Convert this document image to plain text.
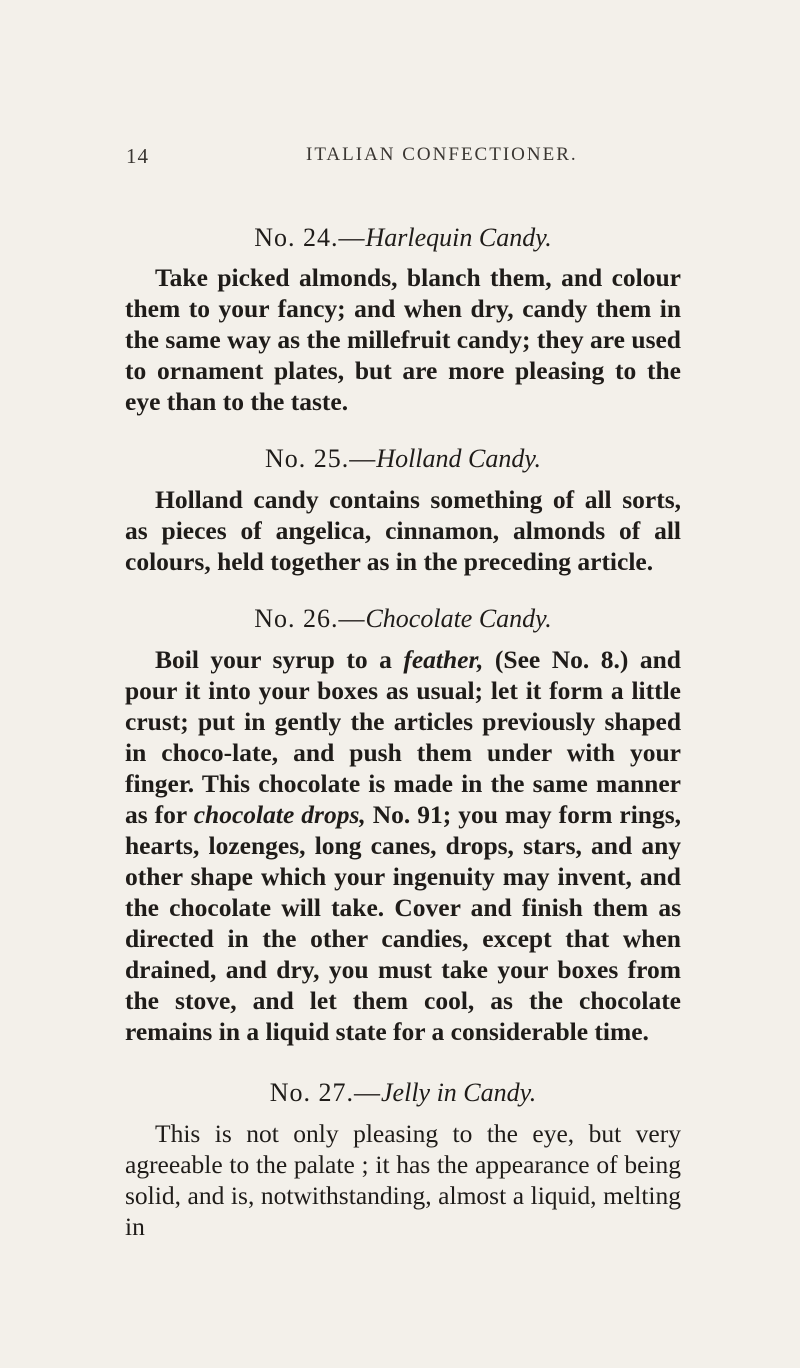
14	ITALIAN CONFECTIONER.
No. 24.—Harlequin Candy.

Take picked almonds, blanch them, and colour them to your fancy; and when dry, candy them in the same way as the millefruit candy; they are used to ornament plates, but are more pleasing to the eye than to the taste.

No. 25.—Holland Candy.

Holland candy contains something of all sorts, as pieces of angelica, cinnamon, almonds of all colours, held together as in the preceding article.

No. 26.—Chocolate Candy.

Boil your syrup to a feather, (See No. 8.) and pour it into your boxes as usual; let it form a little crust; put in gently the articles previously shaped in choco-late, and push them under with your finger. This chocolate is made in the same manner as for chocolate drops, No. 91; you may form rings, hearts, lozenges, long canes, drops, stars, and any other shape which your ingenuity may invent, and the chocolate will take. Cover and finish them as directed in the other candies, except that when drained, and dry, you must take your boxes from the stove, and let them cool, as the chocolate remains in a liquid state for a considerable time.

No. 27.—Jelly in Candy.

This is not only pleasing to the eye, but very agreeable to the palate ; it has the appearance of being solid, and is, notwithstanding, almost a liquid, melting in
